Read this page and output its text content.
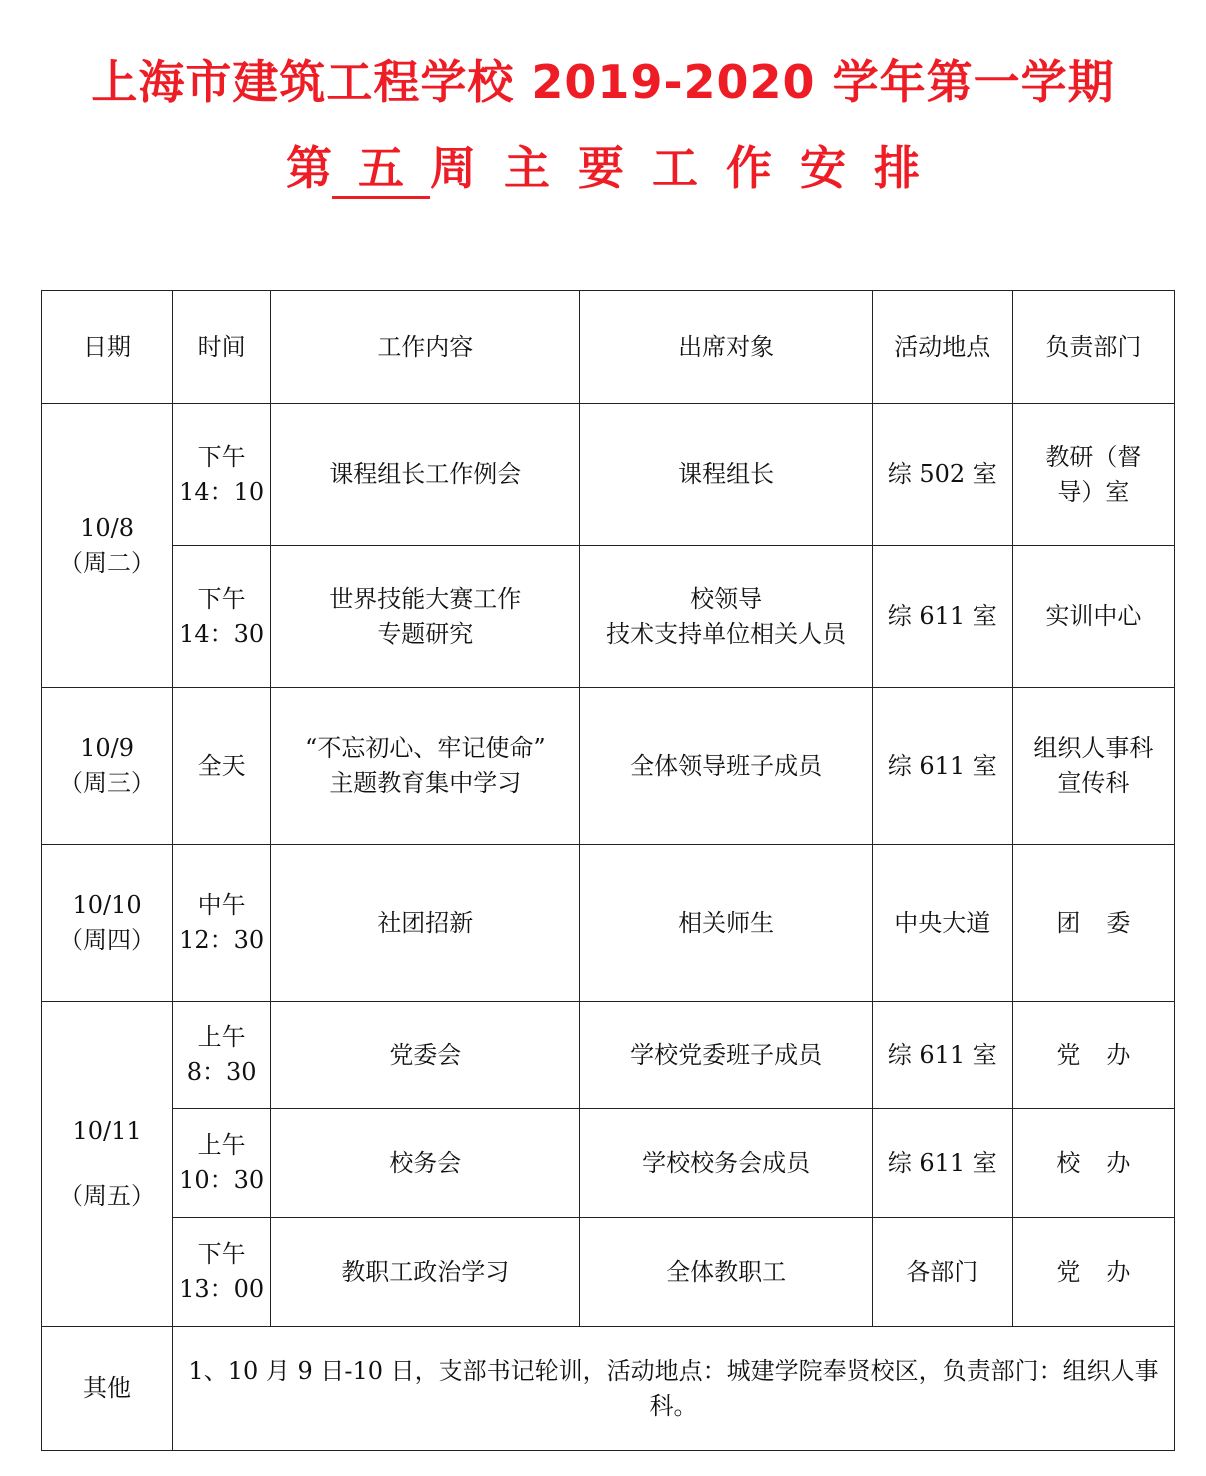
上海市建筑工程学校 2019-2020 学年第一学期
第 五 周 主 要 工 作 安 排
日期	时间	工作内容	出席对象	活动地点	负责部门

10/8
（周二）	下午
14：10	课程组长工作例会	课程组长	综 502 室	教研（督
导）室

	下午
14：30	世界技能大赛工作
专题研究	校领导
技术支持单位相关人员	综 611 室	实训中心

10/9
（周三）	全天	“不忘初心、牢记使命”
主题教育集中学习	全体领导班子成员	综 611 室	组织人事科
宣传科

10/10
（周四）	中午
12：30	社团招新	相关师生	中央大道	团委

10/11
（周五）	上午
8：30	党委会	学校党委班子成员	综 611 室	党办

	上午
10：30	校务会	学校校务会成员	综 611 室	校办

	下午
13：00	教职工政治学习	全体教职工	各部门	党办

其他	1、10 月 9 日-10 日，支部书记轮训，活动地点：城建学院奉贤校区，负责部门：组织人事科。				
